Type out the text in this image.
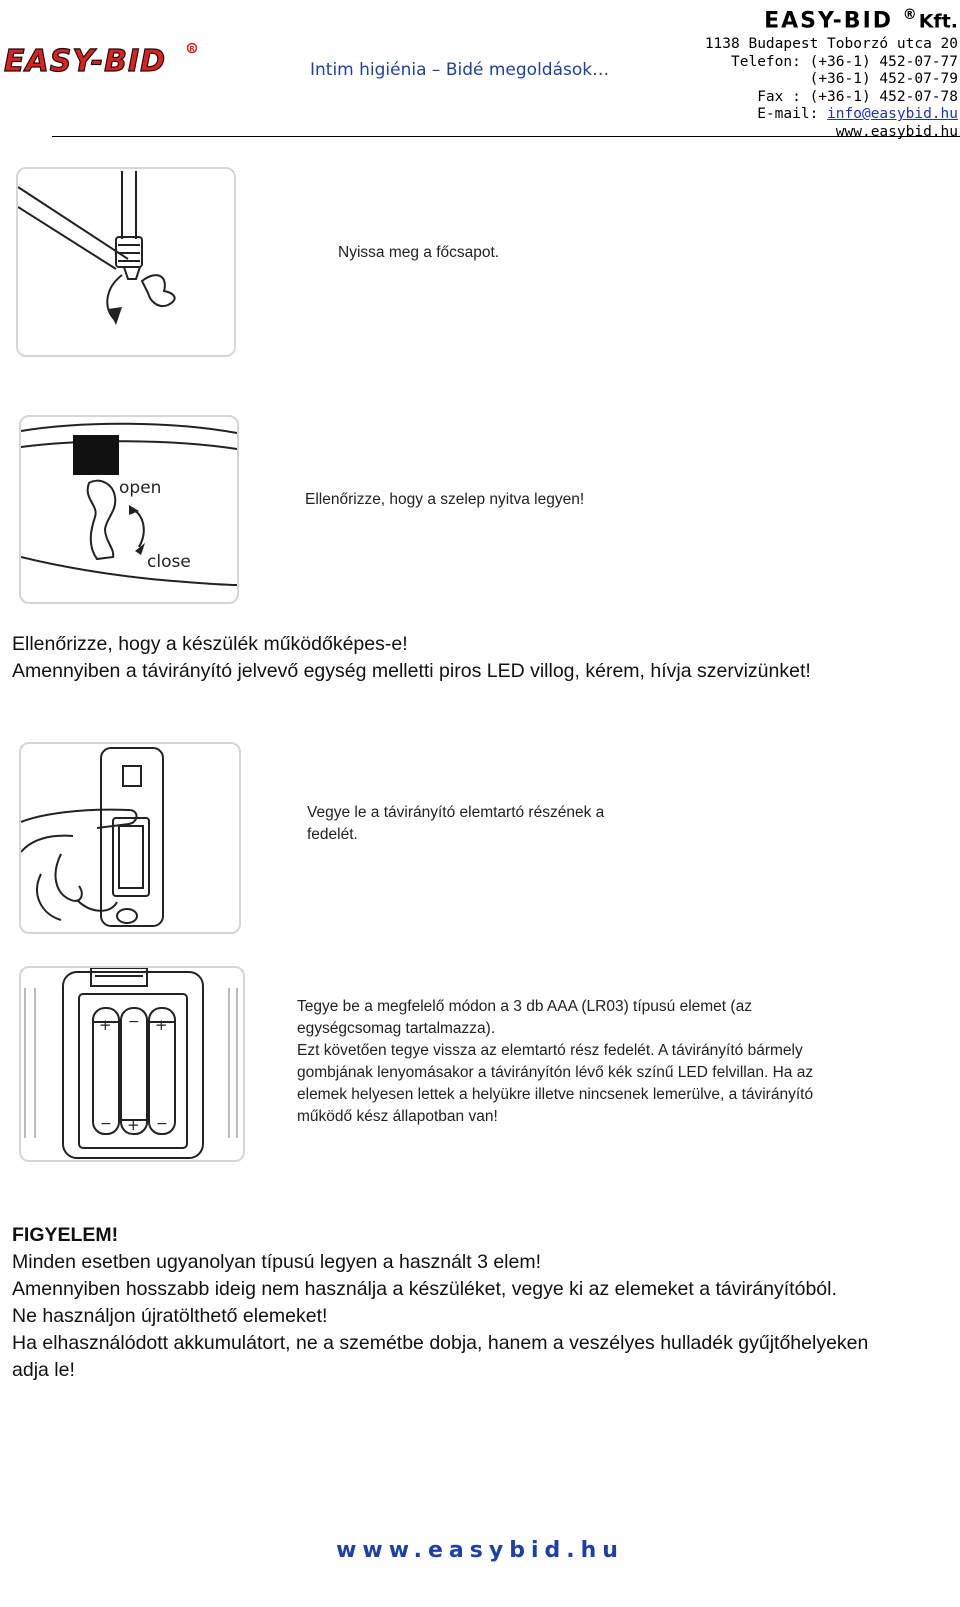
EASY-BID	R
Intim higiénia – Bidé megoldások…
EASY-BID ®Kft.
1138 Budapest Toborzó utca 20
Telefon: (+36-1) 452-07-77
(+36-1) 452-07-79
Fax : (+36-1) 452-07-78
E-mail: info@easybid.hu
www.easybid.hu
Nyissa meg a főcsapot.
open
close
Ellenőrizze, hogy a szelep nyitva legyen!
Ellenőrizze, hogy a készülék működőképes-e!
Amennyiben a távirányító jelvevő egység melletti piros LED villog, kérem, hívja szervizünket!
Vegye le a távirányító elemtartó részének a
fedelét.
+
+
+
−
−
−
Tegye be a megfelelő módon a 3 db AAA (LR03) típusú elemet (az
egységcsomag tartalmazza).
Ezt követően tegye vissza az elemtartó rész fedelét. A távirányító bármely
gombjának lenyomásakor a távirányítón lévő kék színű LED felvillan. Ha az
elemek helyesen lettek a helyükre illetve nincsenek lemerülve, a távirányító
működő kész állapotban van!
FIGYELEM!
Minden esetben ugyanolyan típusú legyen a használt 3 elem!
Amennyiben hosszabb ideig nem használja a készüléket, vegye ki az elemeket a távirányítóból.
Ne használjon újratölthető elemeket!
Ha elhasználódott akkumulátort, ne a szemétbe dobja, hanem a veszélyes hulladék gyűjtőhelyeken
adja le!
www.easybid.hu
